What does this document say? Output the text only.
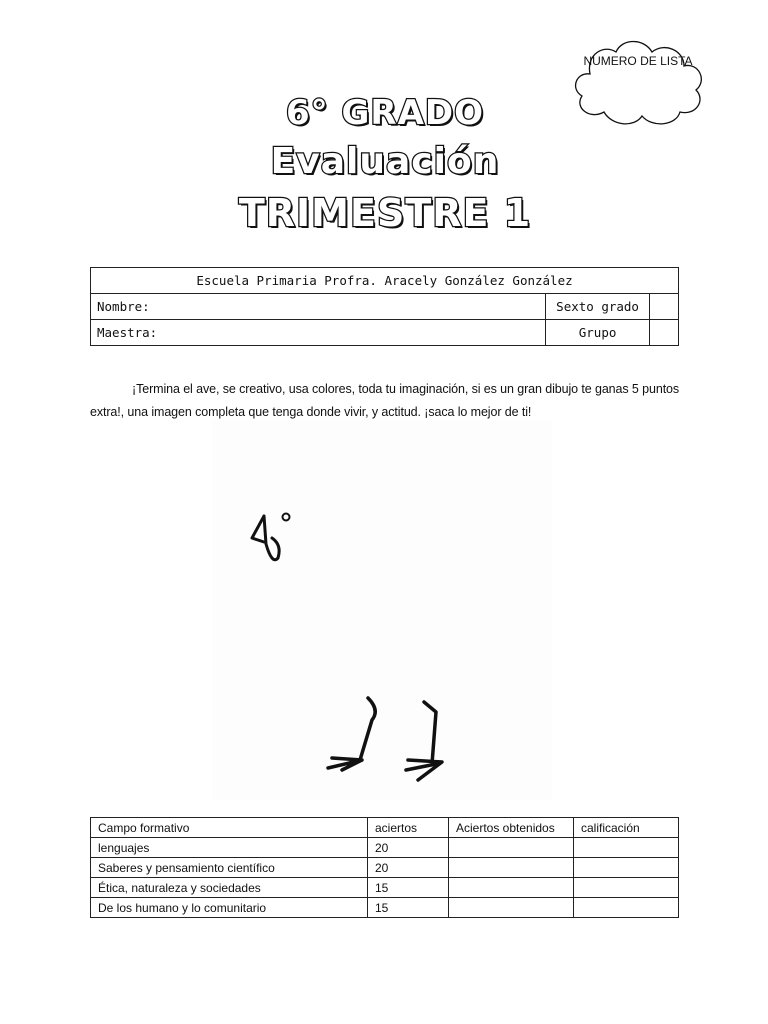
NUMERO DE LISTA
6° GRADO
Evaluación
TRIMESTRE 1
Escuela Primaria Profra. Aracely González González		
Nombre:	Sexto grado	
Maestra:	Grupo	
¡Termina el ave, se creativo, usa colores, toda tu imaginación, si es un gran dibujo te ganas 5 puntos extra!, una imagen completa que tenga donde vivir, y actitud. ¡saca lo mejor de ti!
Campo formativo	aciertos	Aciertos obtenidos	calificación
lenguajes	20		
Saberes y pensamiento científico	20		
Ética, naturaleza y sociedades	15		
De los humano y lo comunitario	15		
